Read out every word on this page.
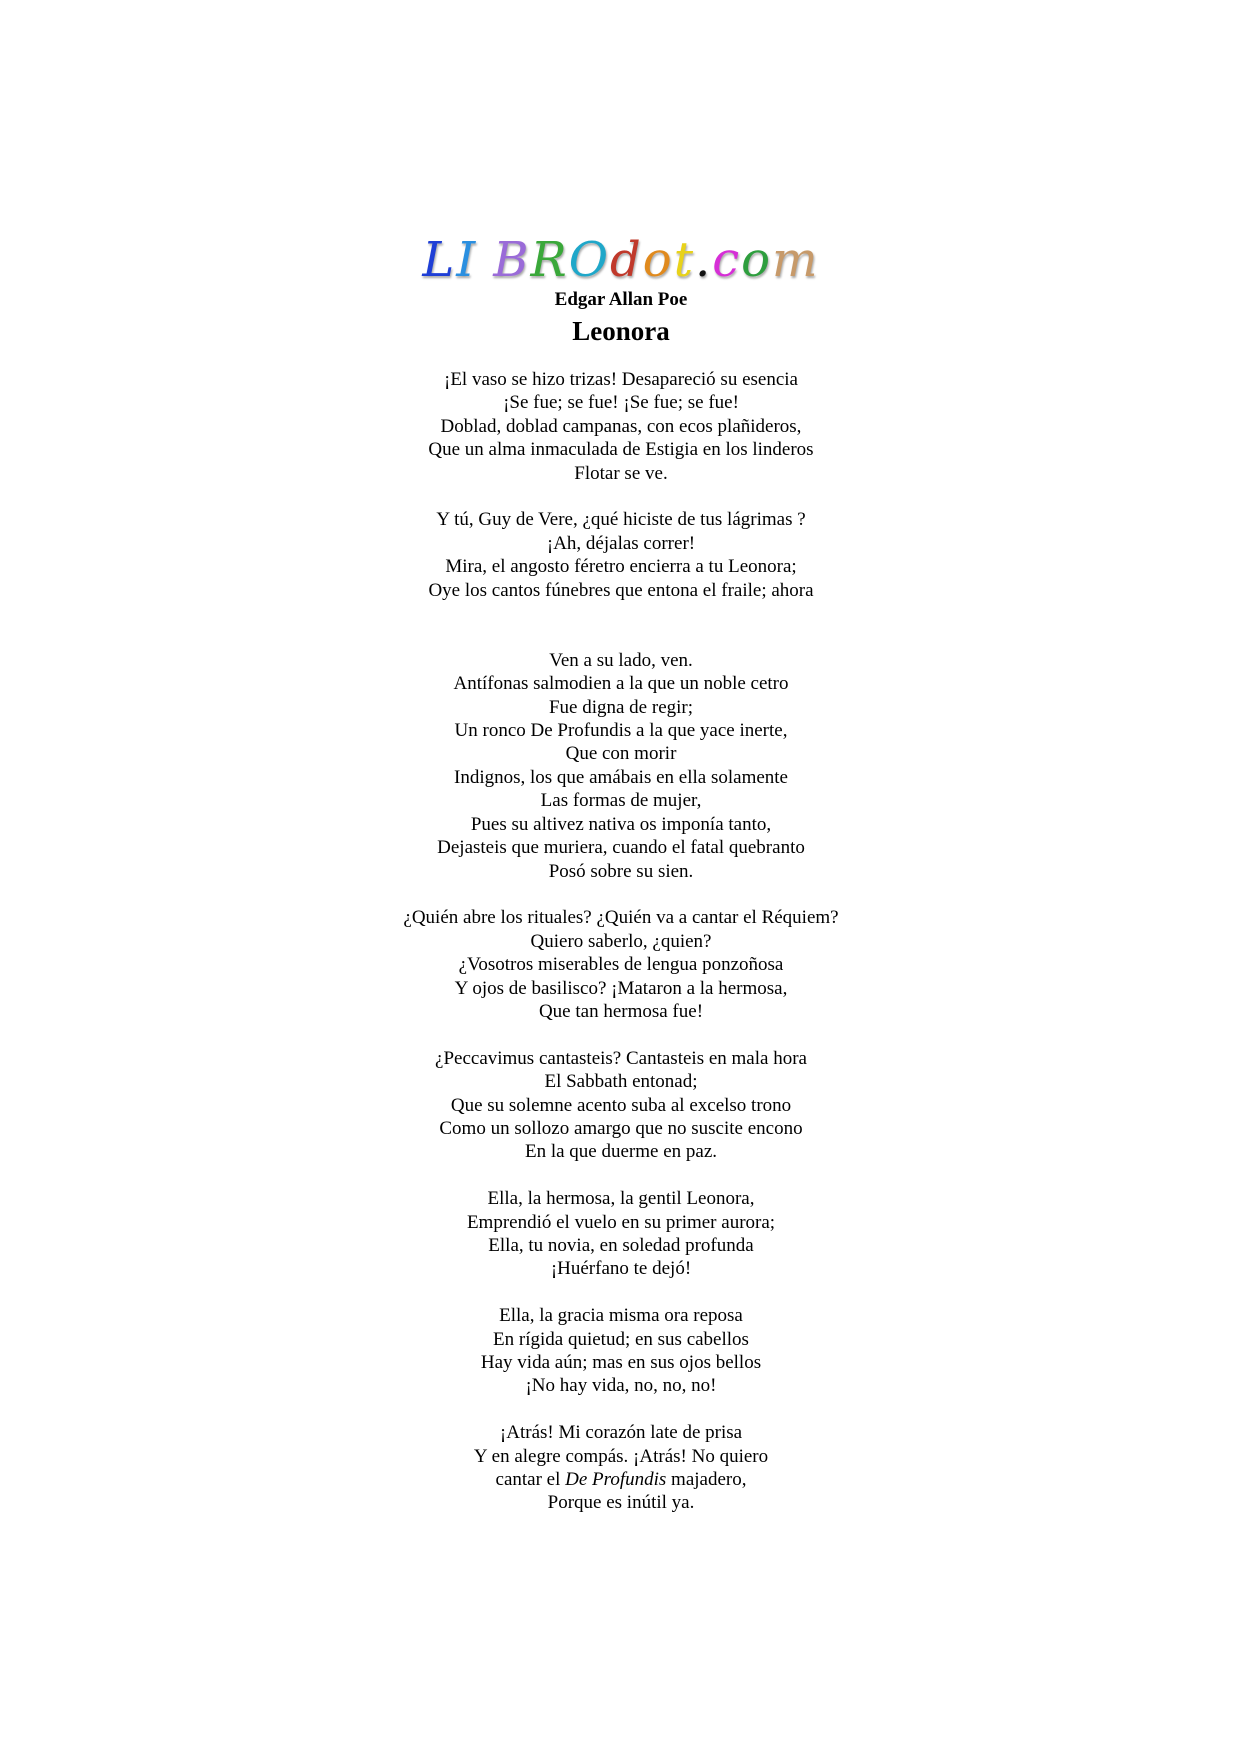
LI BROdot.com
Edgar Allan Poe
Leonora
¡El vaso se hizo trizas! Desapareció su esencia
¡Se fue; se fue! ¡Se fue; se fue!
Doblad, doblad campanas, con ecos plañideros,
Que un alma inmaculada de Estigia en los linderos
Flotar se ve.
Y tú, Guy de Vere, ¿qué hiciste de tus lágrimas ?
¡Ah, déjalas correr!
Mira, el angosto féretro encierra a tu Leonora;
Oye los cantos fúnebres que entona el fraile; ahora
Ven a su lado, ven.
Antífonas salmodien a la que un noble cetro
Fue digna de regir;
Un ronco De Profundis a la que yace inerte,
Que con morir
Indignos, los que amábais en ella solamente
Las formas de mujer,
Pues su altivez nativa os imponía tanto,
Dejasteis que muriera, cuando el fatal quebranto
Posó sobre su sien.
¿Quién abre los rituales? ¿Quién va a cantar el Réquiem?
Quiero saberlo, ¿quien?
¿Vosotros miserables de lengua ponzoñosa
Y ojos de basilisco? ¡Mataron a la hermosa,
Que tan hermosa fue!
¿Peccavimus cantasteis? Cantasteis en mala hora
El Sabbath entonad;
Que su solemne acento suba al excelso trono
Como un sollozo amargo que no suscite encono
En la que duerme en paz.
Ella, la hermosa, la gentil Leonora,
Emprendió el vuelo en su primer aurora;
Ella, tu novia, en soledad profunda
¡Huérfano te dejó!
Ella, la gracia misma ora reposa
En rígida quietud; en sus cabellos
Hay vida aún; mas en sus ojos bellos
¡No hay vida, no, no, no!
¡Atrás! Mi corazón late de prisa
Y en alegre compás. ¡Atrás! No quiero
cantar el De Profundis majadero,
Porque es inútil ya.
